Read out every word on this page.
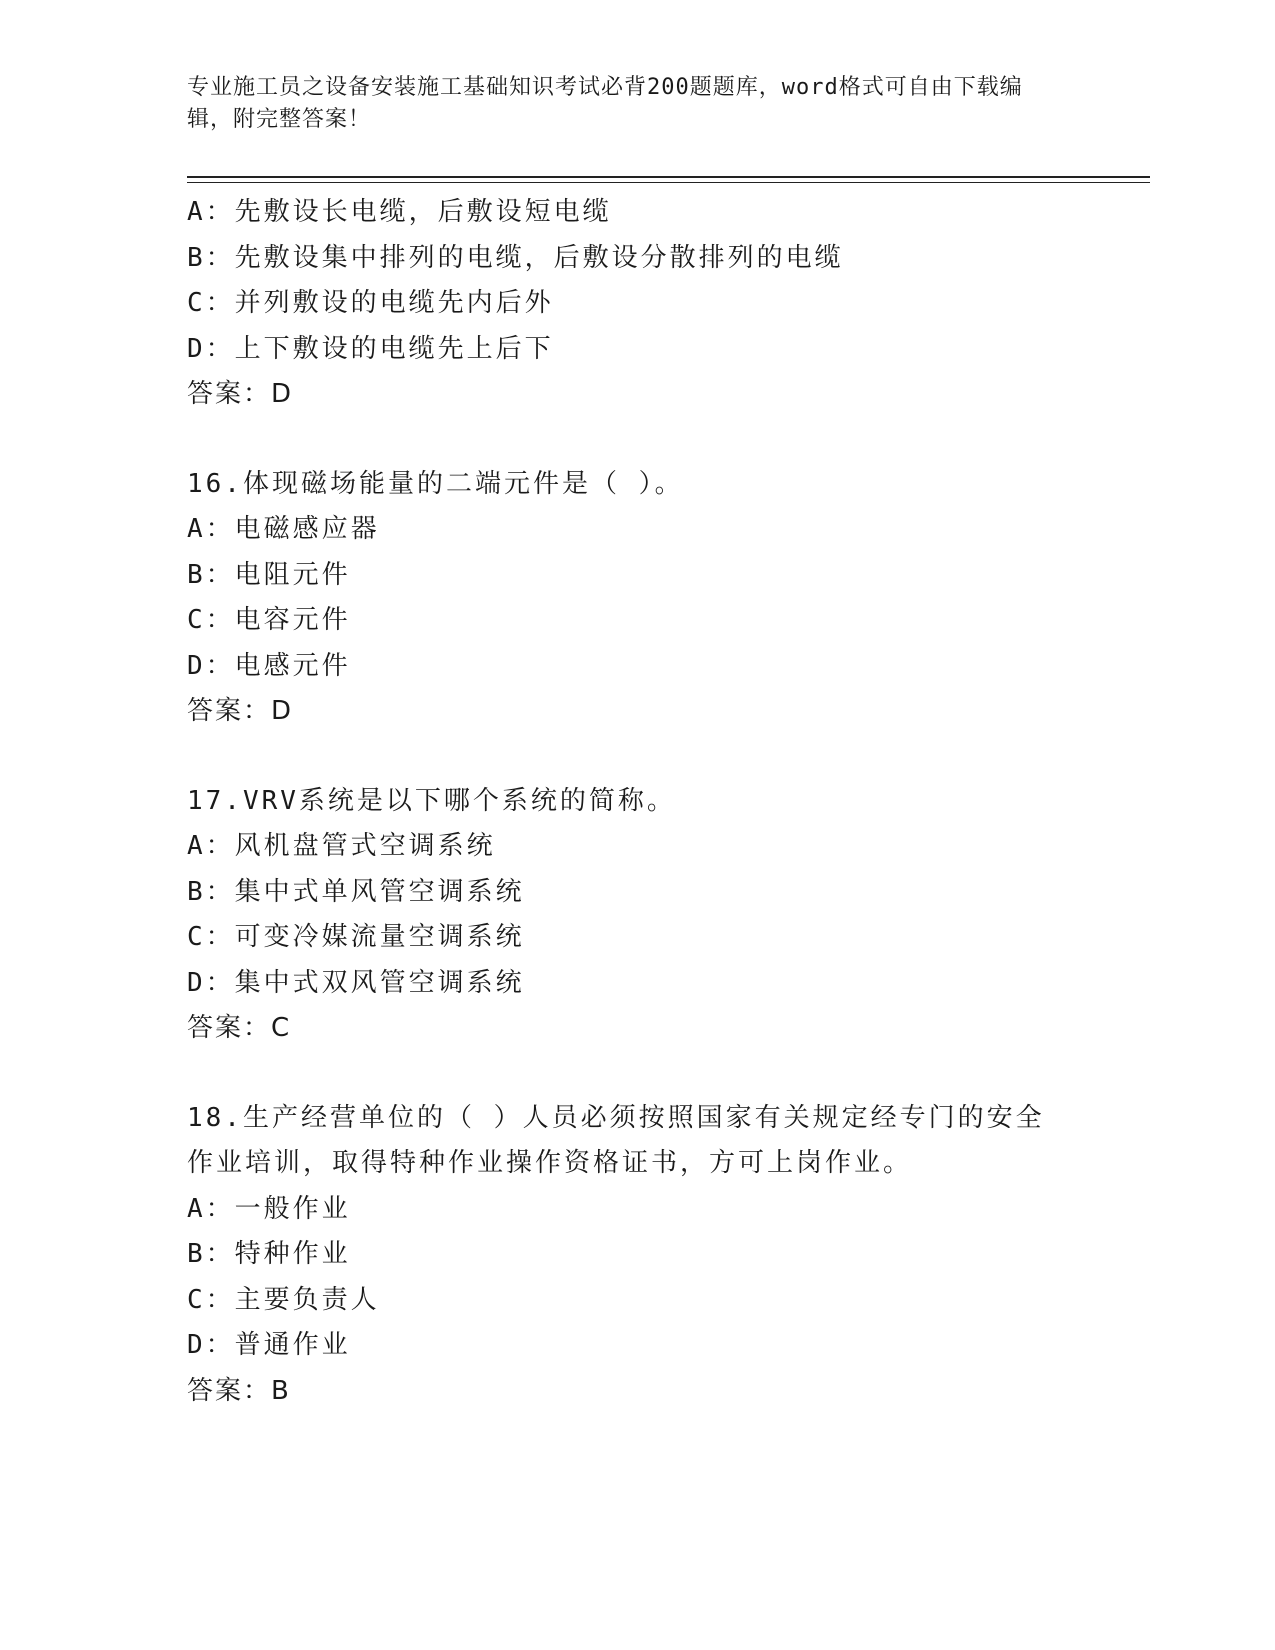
专业施工员之设备安装施工基础知识考试必背200题题库，word格式可自由下载编辑，附完整答案！
A：先敷设长电缆，后敷设短电缆
B：先敷设集中排列的电缆，后敷设分散排列的电缆
C：并列敷设的电缆先内后外
D：上下敷设的电缆先上后下
答案：D
16.体现磁场能量的二端元件是（ ）。
A：电磁感应器
B：电阻元件
C：电容元件
D：电感元件
答案：D
17.VRV系统是以下哪个系统的简称。
A：风机盘管式空调系统
B：集中式单风管空调系统
C：可变冷媒流量空调系统
D：集中式双风管空调系统
答案：C
18.生产经营单位的（ ）人员必须按照国家有关规定经专门的安全作业培训，取得特种作业操作资格证书，方可上岗作业。
A：一般作业
B：特种作业
C：主要负责人
D：普通作业
答案：B
